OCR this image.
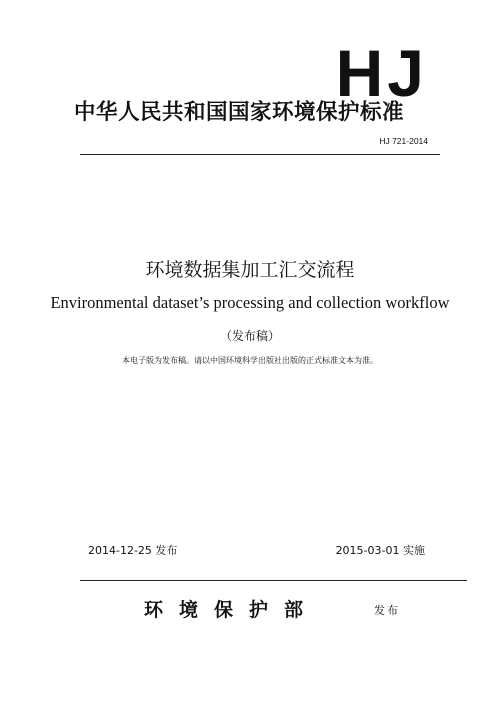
HJ
中华人民共和国国家环境保护标准
HJ 721-2014
环境数据集加工汇交流程
Environmental dataset’s processing and collection workflow
（发布稿）
本电子版为发布稿。请以中国环境科学出版社出版的正式标准文本为准。
2014-12-25 发布	2015-03-01 实施
环境保护部	发布
